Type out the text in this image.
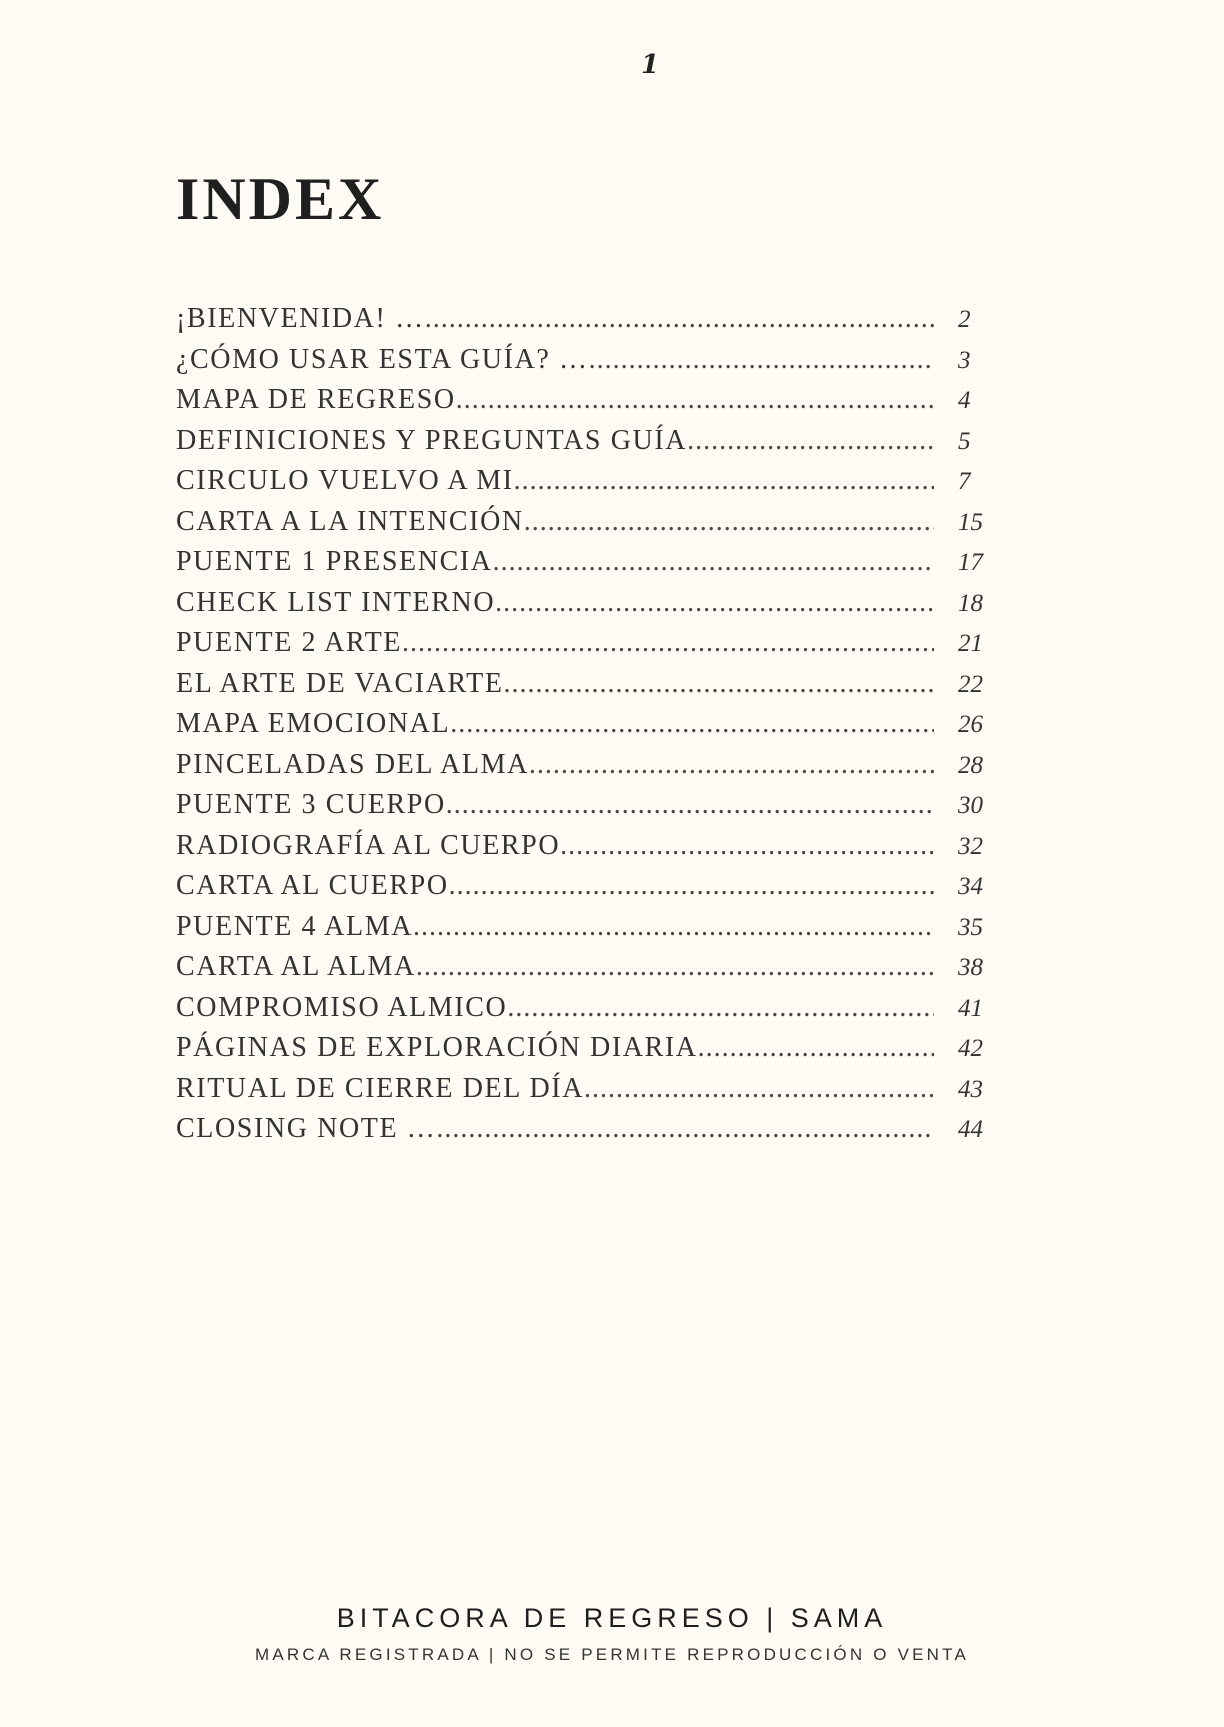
1
INDEX
¡BIENVENIDA! … .....	2
¿CÓMO USAR ESTA GUÍA? … .....	3
MAPA DE REGRESO .....	4
DEFINICIONES Y PREGUNTAS GUÍA .....	5
CIRCULO VUELVO A MI .....	7
CARTA A LA INTENCIÓN .....	15
PUENTE 1 PRESENCIA .....	17
CHECK LIST INTERNO .....	18
PUENTE 2 ARTE .....	21
EL ARTE DE VACIARTE .....	22
MAPA EMOCIONAL .....	26
PINCELADAS DEL ALMA .....	28
PUENTE 3 CUERPO .....	30
RADIOGRAFÍA AL CUERPO .....	32
CARTA AL CUERPO .....	34
PUENTE 4 ALMA .....	35
CARTA AL ALMA .....	38
COMPROMISO ALMICO .....	41
PÁGINAS DE EXPLORACIÓN DIARIA .....	42
RITUAL DE CIERRE DEL DÍA .....	43
CLOSING NOTE … .....	44
BITACORA DE REGRESO | SAMA
MARCA REGISTRADA | NO SE PERMITE REPRODUCCIÓN O VENTA
